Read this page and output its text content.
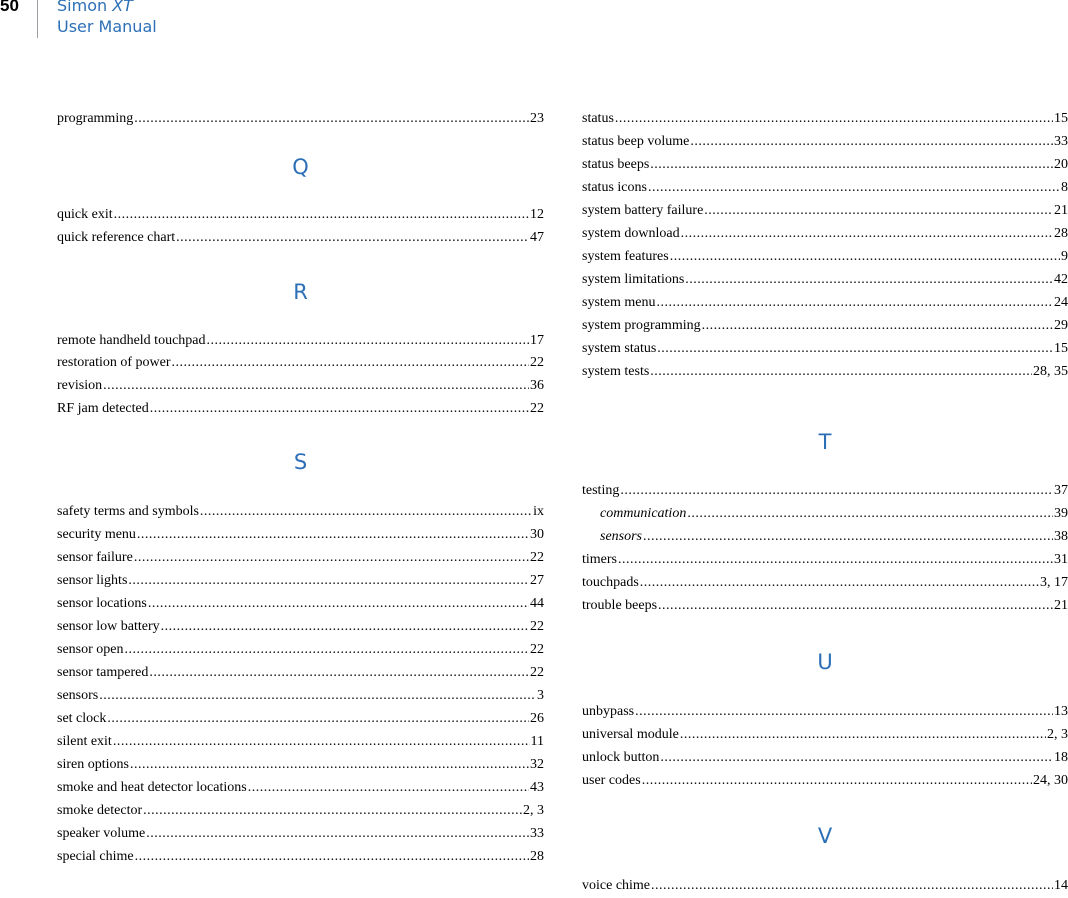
50 Simon XT
User Manual
programming .....	23
Q
quick exit .....	12
quick reference chart .....	47
R
remote handheld touchpad .....	17
restoration of power .....	22
revision .....	36
RF jam detected .....	22
S
safety terms and symbols .....	ix
security menu .....	30
sensor failure .....	22
sensor lights .....	27
sensor locations .....	44
sensor low battery .....	22
sensor open .....	22
sensor tampered .....	22
sensors .....	3
set clock .....	26
silent exit .....	11
siren options .....	32
smoke and heat detector locations .....	43
smoke detector .....	2, 3
speaker volume .....	33
special chime .....	28
status .....	15
status beep volume .....	33
status beeps .....	20
status icons .....	8
system battery failure .....	21
system download .....	28
system features .....	9
system limitations .....	42
system menu .....	24
system programming .....	29
system status .....	15
system tests .....	28, 35
T
testing .....	37
communication .....	39
sensors .....	38
timers .....	31
touchpads .....	3, 17
trouble beeps .....	21
U
unbypass .....	13
universal module .....	2, 3
unlock button .....	18
user codes .....	24, 30
V
voice chime .....	14
